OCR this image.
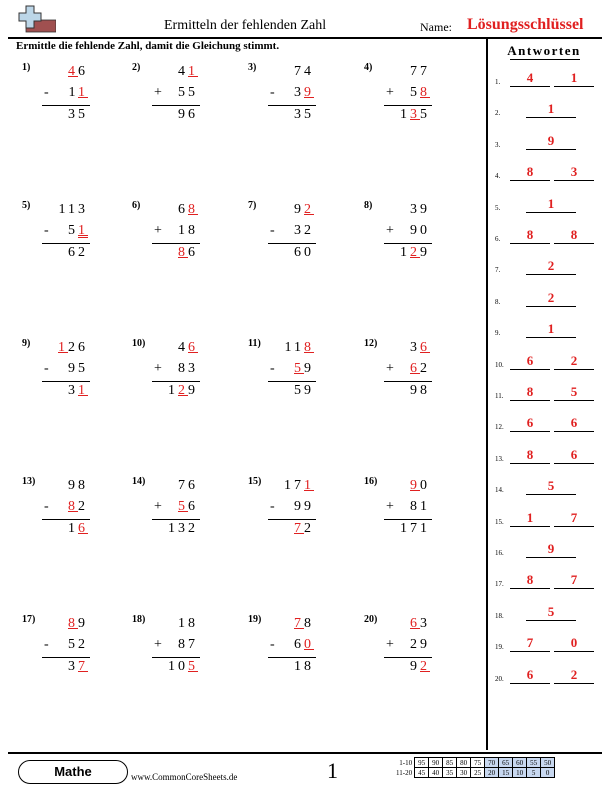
Ermitteln der fehlenden Zahl	Name: Lösungsschlüssel
Ermittle die fehlende Zahl, damit die Gleichung stimmt.	Antworten
1.	4	1
2.	1
3.	9
4.	8	3
5.	1
6.	8	8
7.	2
8.	2
9.	1
10.	6	2
11.	8	5
12.	6	6
13.	8	6
14.	5
15.	1	7
16.	9
17.	8	7
18.	5
19.	7	0
20.	6	2
1)	46
11
-
35
2)	41
55
+
96
3)	74
39
-
35
4)	77
58
+
135
5) 113
51
-
62
6)	68
18
+
86
7)	92
32
-
60
8)	39
90
+
129
9) 126
95
-
31
10) 46
83
+
129
11) 118
59
-
59
12) 36
62
+
98
13) 98
82
-
16
14) 76
56
+
132
15) 171
99
-
72
16) 90
81
+
171
17) 89
52
-
37
18) 18
87
+
105
19) 78
60
-
18
20) 63
29
+
92
Mathe	www.CommonCoreSheets.de	1	1-10	95	90	85	80	75	70	65	60	55	50
11-20	45	40	35	30	25	20	15	10	5	0
